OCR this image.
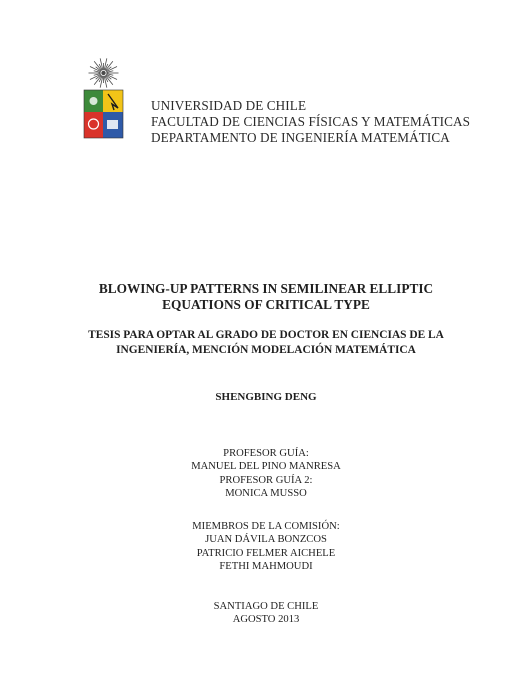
UNIVERSIDAD DE CHILE
FACULTAD DE CIENCIAS FÍSICAS Y MATEMÁTICAS
DEPARTAMENTO DE INGENIERÍA MATEMÁTICA
BLOWING-UP PATTERNS IN SEMILINEAR ELLIPTIC
EQUATIONS OF CRITICAL TYPE
TESIS PARA OPTAR AL GRADO DE DOCTOR EN CIENCIAS DE LA
INGENIERÍA, MENCIÓN MODELACIÓN MATEMÁTICA
SHENGBING DENG
PROFESOR GUÍA:
MANUEL DEL PINO MANRESA
PROFESOR GUÍA 2:
MONICA MUSSO
MIEMBROS DE LA COMISIÓN:
JUAN DÁVILA BONZCOS
PATRICIO FELMER AICHELE
FETHI MAHMOUDI
SANTIAGO DE CHILE
AGOSTO 2013
